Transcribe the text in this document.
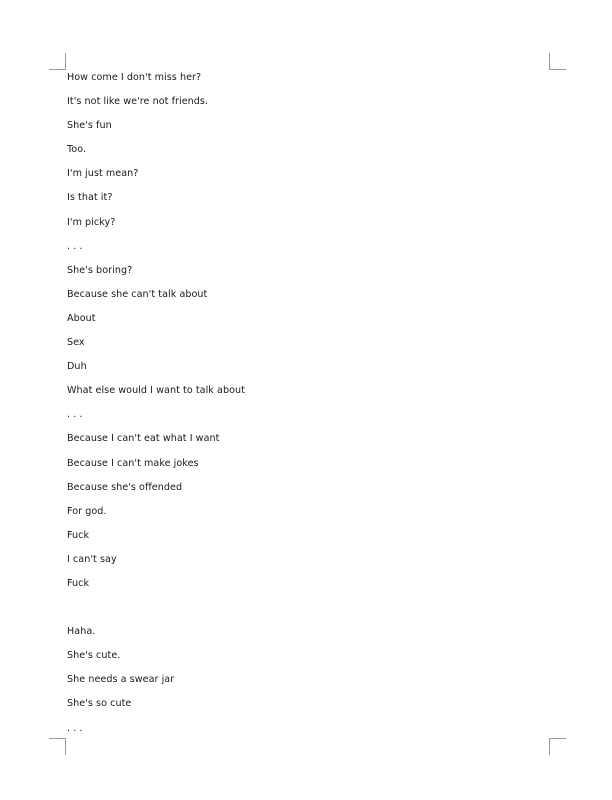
How come I don't miss her?
It's not like we're not friends.
She's fun
Too.
I'm just mean?
Is that it?
I'm picky?
. . .
She's boring?
Because she can't talk about
About
Sex
Duh
What else would I want to talk about
. . .
Because I can't eat what I want
Because I can't make jokes
Because she's offended
For god.
Fuck
I can't say
Fuck
Haha.
She's cute.
She needs a swear jar
She's so cute
. . .
